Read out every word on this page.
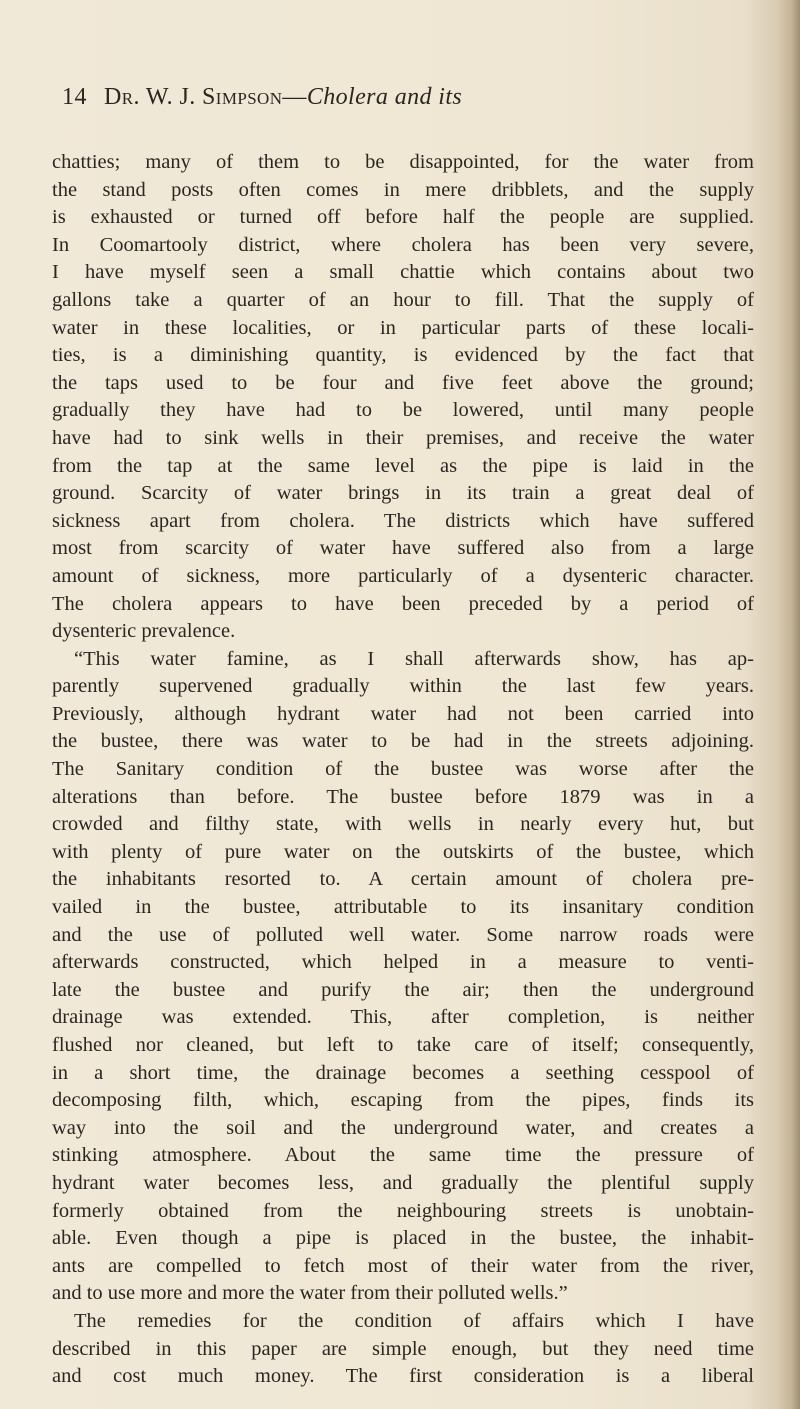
14 Dr. W. J. Simpson—Cholera and its
chatties; many of them to be disappointed, for the water from
the stand posts often comes in mere dribblets, and the supply
is exhausted or turned off before half the people are supplied.
In Coomartooly district, where cholera has been very severe,
I have myself seen a small chattie which contains about two
gallons take a quarter of an hour to fill. That the supply of
water in these localities, or in particular parts of these locali-
ties, is a diminishing quantity, is evidenced by the fact that
the taps used to be four and five feet above the ground;
gradually they have had to be lowered, until many people
have had to sink wells in their premises, and receive the water
from the tap at the same level as the pipe is laid in the
ground. Scarcity of water brings in its train a great deal of
sickness apart from cholera. The districts which have suffered
most from scarcity of water have suffered also from a large
amount of sickness, more particularly of a dysenteric character.
The cholera appears to have been preceded by a period of
dysenteric prevalence.
“This water famine, as I shall afterwards show, has ap-
parently supervened gradually within the last few years.
Previously, although hydrant water had not been carried into
the bustee, there was water to be had in the streets adjoining.
The Sanitary condition of the bustee was worse after the
alterations than before. The bustee before 1879 was in a
crowded and filthy state, with wells in nearly every hut, but
with plenty of pure water on the outskirts of the bustee, which
the inhabitants resorted to. A certain amount of cholera pre-
vailed in the bustee, attributable to its insanitary condition
and the use of polluted well water. Some narrow roads were
afterwards constructed, which helped in a measure to venti-
late the bustee and purify the air; then the underground
drainage was extended. This, after completion, is neither
flushed nor cleaned, but left to take care of itself; consequently,
in a short time, the drainage becomes a seething cesspool of
decomposing filth, which, escaping from the pipes, finds its
way into the soil and the underground water, and creates a
stinking atmosphere. About the same time the pressure of
hydrant water becomes less, and gradually the plentiful supply
formerly obtained from the neighbouring streets is unobtain-
able. Even though a pipe is placed in the bustee, the inhabit-
ants are compelled to fetch most of their water from the river,
and to use more and more the water from their polluted wells.”
The remedies for the condition of affairs which I have
described in this paper are simple enough, but they need time
and cost much money. The first consideration is a liberal
